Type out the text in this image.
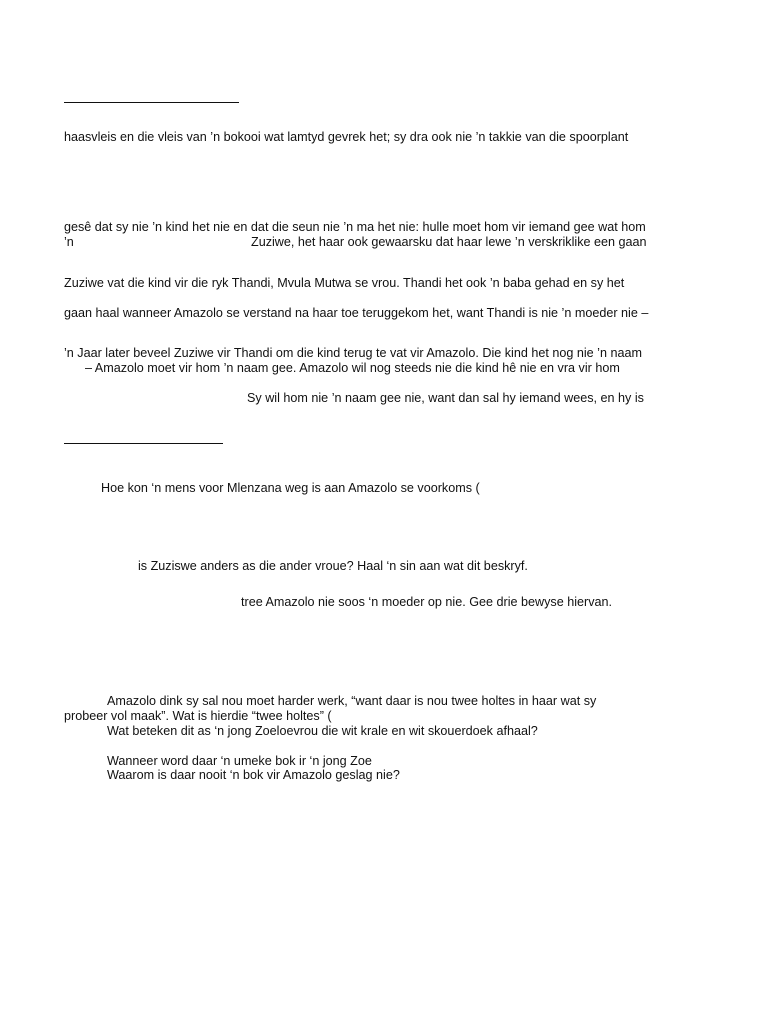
haasvleis en die vleis van ’n bokooi wat lamtyd gevrek het; sy dra ook nie ’n takkie van die spoorplant
gesê dat sy nie ’n kind het nie en dat die seun nie ’n ma het nie: hulle moet hom vir iemand gee wat hom
’n	Zuziwe, het haar ook gewaarsku dat haar lewe ’n verskriklike een gaan
Zuziwe vat die kind vir die ryk Thandi, Mvula Mutwa se vrou. Thandi het ook ’n baba gehad en sy het
gaan haal wanneer Amazolo se verstand na haar toe teruggekom het, want Thandi is nie ’n moeder nie –
’n Jaar later beveel Zuziwe vir Thandi om die kind terug te vat vir Amazolo. Die kind het nog nie ’n naam
– Amazolo moet vir hom ’n naam gee. Amazolo wil nog steeds nie die kind hê nie en vra vir hom
Sy wil hom nie ’n naam gee nie, want dan sal hy iemand wees, en hy is
Hoe kon ‘n mens voor Mlenzana weg is aan Amazolo se voorkoms (
is Zuziswe anders as die ander vroue? Haal ‘n sin aan wat dit beskryf.
tree Amazolo nie soos ‘n moeder op nie. Gee drie bewyse hiervan.
Amazolo dink sy sal nou moet harder werk, “want daar is nou twee holtes in haar wat sy
probeer vol maak”. Wat is hierdie “twee holtes” (
Wat beteken dit as ‘n jong Zoeloevrou die wit krale en wit skouerdoek afhaal?
Wanneer word daar ‘n umeke bok ir ‘n jong Zoe
Waarom is daar nooit ‘n bok vir Amazolo geslag nie?
